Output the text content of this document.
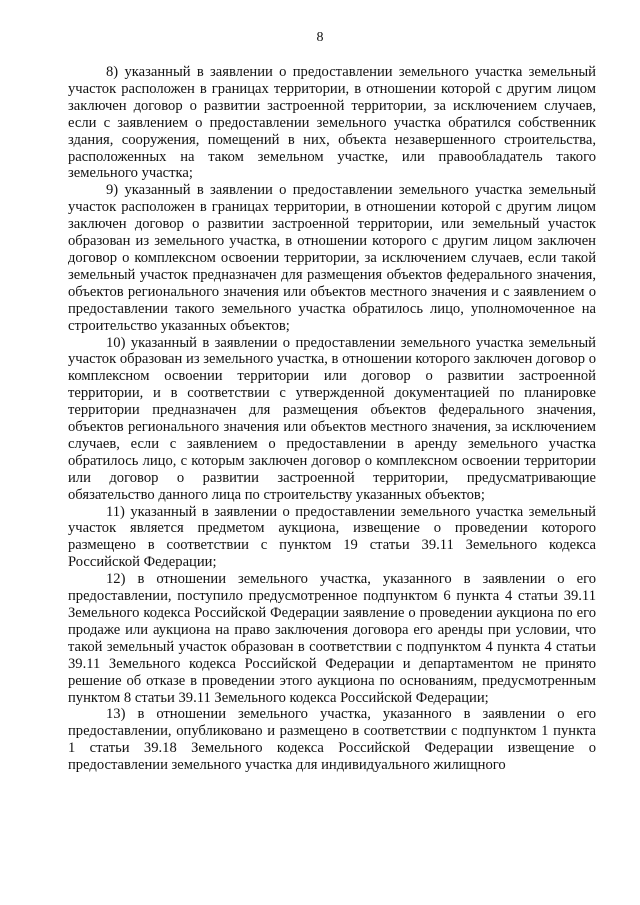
8

8) указанный в заявлении о предоставлении земельного участка земельный участок расположен в границах территории, в отношении которой с другим лицом заключен договор о развитии застроенной территории, за исключением случаев, если с заявлением о предоставлении земельного участка обратился собственник здания, сооружения, помещений в них, объекта незавершенного строительства, расположенных на таком земельном участке, или правообладатель такого земельного участка;

9) указанный в заявлении о предоставлении земельного участка земельный участок расположен в границах территории, в отношении которой с другим лицом заключен договор о развитии застроенной территории, или земельный участок образован из земельного участка, в отношении которого с другим лицом заключен договор о комплексном освоении территории, за исключением случаев, если такой земельный участок предназначен для размещения объектов федерального значения, объектов регионального значения или объектов местного значения и с заявлением о предоставлении такого земельного участка обратилось лицо, уполномоченное на строительство указанных объектов;

10) указанный в заявлении о предоставлении земельного участка земельный участок образован из земельного участка, в отношении которого заключен договор о комплексном освоении территории или договор о развитии застроенной территории, и в соответствии с утвержденной документацией по планировке территории предназначен для размещения объектов федерального значения, объектов регионального значения или объектов местного значения, за исключением случаев, если с заявлением о предоставлении в аренду земельного участка обратилось лицо, с которым заключен договор о комплексном освоении территории или договор о развитии застроенной территории, предусматривающие обязательство данного лица по строительству указанных объектов;

11) указанный в заявлении о предоставлении земельного участка земельный участок является предметом аукциона, извещение о проведении которого размещено в соответствии с пунктом 19 статьи 39.11 Земельного кодекса Российской Федерации;

12) в отношении земельного участка, указанного в заявлении о его предоставлении, поступило предусмотренное подпунктом 6 пункта 4 статьи 39.11 Земельного кодекса Российской Федерации заявление о проведении аукциона по его продаже или аукциона на право заключения договора его аренды при условии, что такой земельный участок образован в соответствии с подпунктом 4 пункта 4 статьи 39.11 Земельного кодекса Российской Федерации и департаментом не принято решение об отказе в проведении этого аукциона по основаниям, предусмотренным пунктом 8 статьи 39.11 Земельного кодекса Российской Федерации;

13) в отношении земельного участка, указанного в заявлении о его предоставлении, опубликовано и размещено в соответствии с подпунктом 1 пункта 1 статьи 39.18 Земельного кодекса Российской Федерации извещение о предоставлении земельного участка для индивидуального жилищного
